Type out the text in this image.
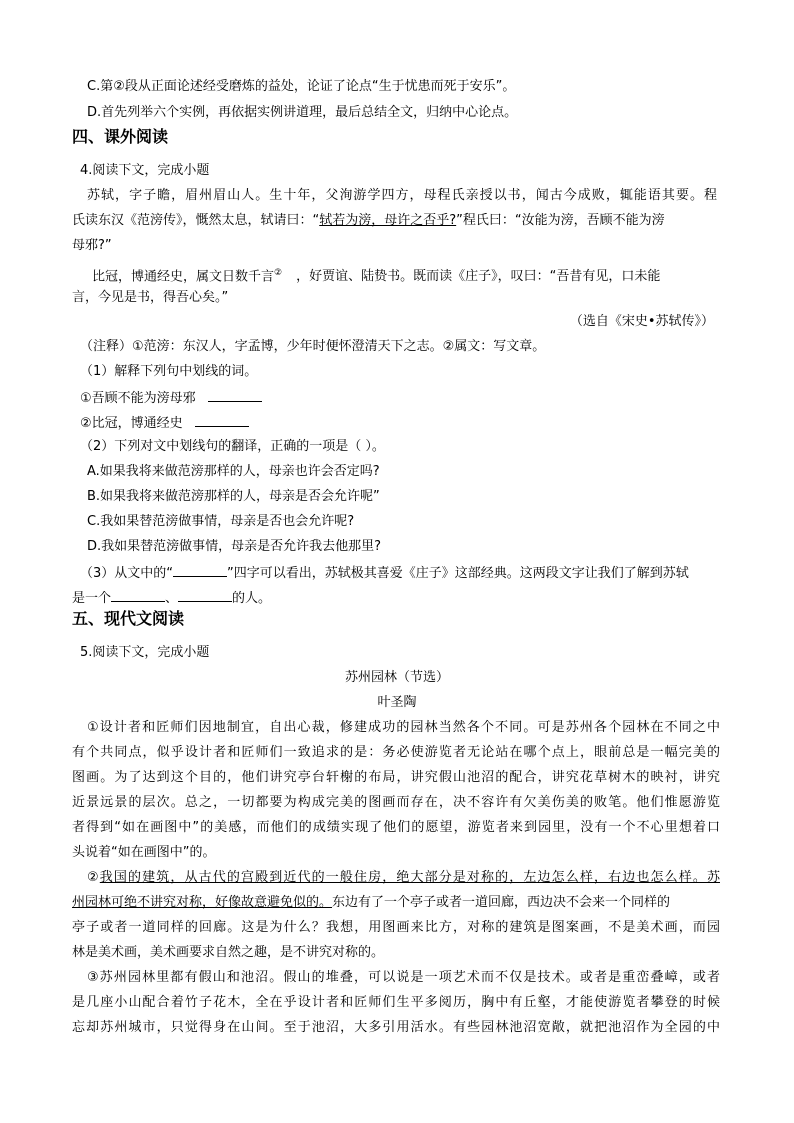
C.第②段从正面论述经受磨炼的益处，论证了论点“生于忧患而死于安乐”。
D.首先列举六个实例，再依据实例讲道理，最后总结全文，归纳中心论点。
四、课外阅读
4.阅读下文，完成小题
苏轼，字子瞻，眉州眉山人。生十年，父洵游学四方，母程氏亲授以书，闻古今成败，辄能语其要。程
氏读东汉《范滂传》，慨然太息，轼请曰：“轼若为滂，母许之否乎?”程氏曰：“汝能为滂，吾顾不能为滂
母邪?”
比冠，博通经史，属文日数千言② ，好贾谊、陆贽书。既而读《庄子》，叹曰：“吾昔有见，口未能
言，今见是书，得吾心矣。”
（选自《宋史•苏轼传》）
（注释）①范滂：东汉人，字孟博，少年时便怀澄清天下之志。②属文：写文章。
（1）解释下列句中划线的词。
①吾顾不能为滂母邪
②比冠，博通经史
（2）下列对文中划线句的翻译，正确的一项是（ ）。
A.如果我将来做范滂那样的人，母亲也许会否定吗?
B.如果我将来做范滂那样的人，母亲是否会允许呢”
C.我如果替范滂做事情，母亲是否也会允许呢?
D.我如果替范滂做事情，母亲是否允许我去他那里?
（3）从文中的“	”四字可以看出，苏轼极其喜爱《庄子》这部经典。这两段文字让我们了解到苏轼
是一个	、	的人。
五、现代文阅读
5.阅读下文，完成小题
苏州园林（节选）
叶圣陶
①设计者和匠师们因地制宜，自出心裁，修建成功的园林当然各个不同。可是苏州各个园林在不同之中
有个共同点，似乎设计者和匠师们一致追求的是：务必使游览者无论站在哪个点上，眼前总是一幅完美的
图画。为了达到这个目的，他们讲究亭台轩榭的布局，讲究假山池沼的配合，讲究花草树木的映衬，讲究
近景远景的层次。总之，一切都要为构成完美的图画而存在，决不容许有欠美伤美的败笔。他们惟愿游览
者得到“如在画图中”的美感，而他们的成绩实现了他们的愿望，游览者来到园里，没有一个不心里想着口
头说着“如在画图中”的。
②我国的建筑，从古代的宫殿到近代的一般住房，绝大部分是对称的，左边怎么样，右边也怎么样。苏
州园林可绝不讲究对称，好像故意避免似的。东边有了一个亭子或者一道回廊，西边决不会来一个同样的
亭子或者一道同样的回廊。这是为什么？我想，用图画来比方，对称的建筑是图案画，不是美术画，而园
林是美术画，美术画要求自然之趣，是不讲究对称的。
③苏州园林里都有假山和池沼。假山的堆叠，可以说是一项艺术而不仅是技术。或者是重峦叠嶂，或者
是几座小山配合着竹子花木，全在乎设计者和匠师们生平多阅历，胸中有丘壑，才能使游览者攀登的时候
忘却苏州城市，只觉得身在山间。至于池沼，大多引用活水。有些园林池沼宽敞，就把池沼作为全园的中
